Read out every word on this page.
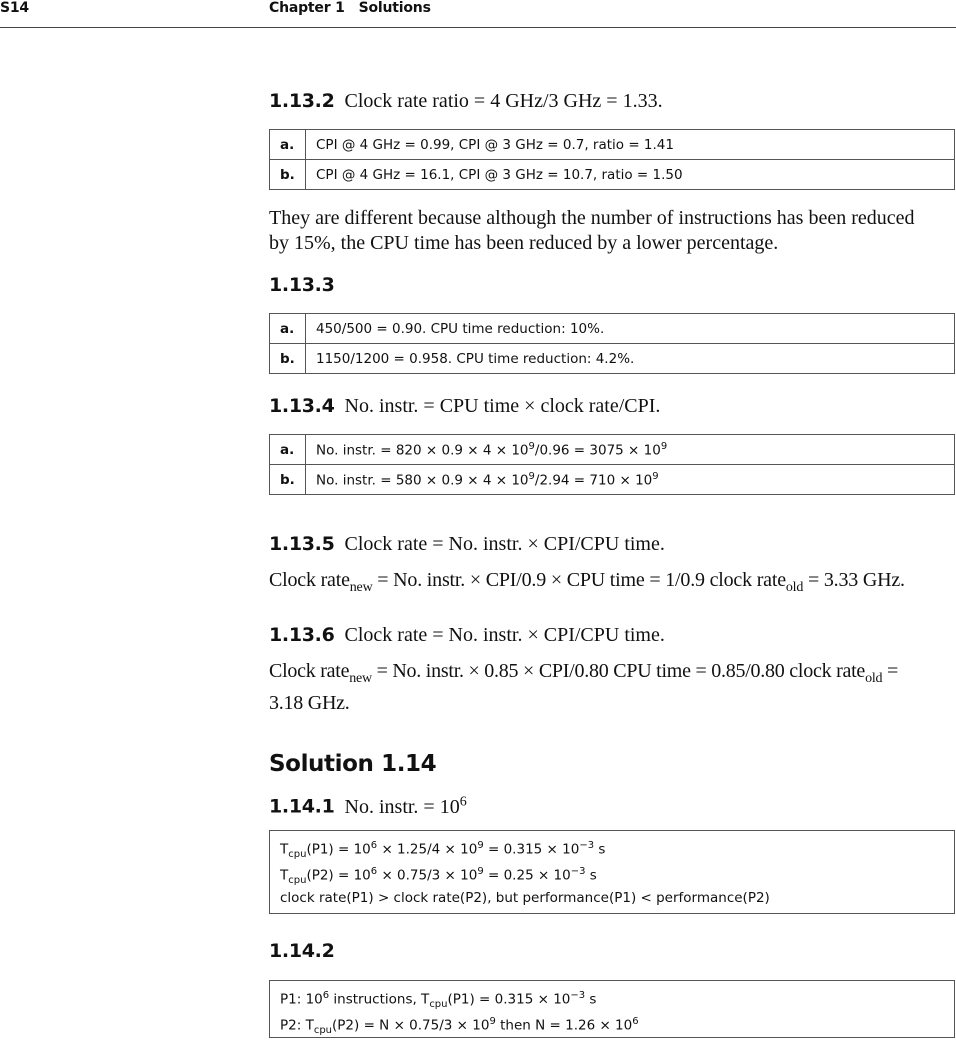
S14	Chapter 1 Solutions
1.13.2 Clock rate ratio = 4 GHz/3 GHz = 1.33.
a.	CPI @ 4 GHz = 0.99, CPI @ 3 GHz = 0.7, ratio = 1.41
b.	CPI @ 4 GHz = 16.1, CPI @ 3 GHz = 10.7, ratio = 1.50
They are different because although the number of instructions has been reduced
by 15%, the CPU time has been reduced by a lower percentage.
1.13.3
a.	450/500 = 0.90. CPU time reduction: 10%.
b.	1150/1200 = 0.958. CPU time reduction: 4.2%.
1.13.4 No. instr. = CPU time × clock rate/CPI.
a.	No. instr. = $820 \times 0.9 \times 4 \times 10^9/0.96 = 3075 \times 10^9$
b.	No. instr. = $580 \times 0.9 \times 4 \times 10^9/2.94 = 710 \times 10^9$
1.13.5 Clock rate = No. instr. × CPI/CPU time.
Clock rate$_{new}$ = No. instr. × CPI/0.9 × CPU time = 1/0.9 clock rate$_{old}$ = 3.33 GHz.
1.13.6 Clock rate = No. instr. × CPI/CPU time.
Clock rate$_{new}$ = No. instr. × 0.85 × CPI/0.80 CPU time = 0.85/0.80 clock rate$_{old}$ =
3.18 GHz.
Solution 1.14
1.14.1 No. instr. = $10^6$
$T_{cpu}(P1) = 10^6 \times 1.25/4 \times 10^9 = 0.315 \times 10^{-3}$ s
$T_{cpu}(P2) = 10^6 \times 0.75/3 \times 10^9 = 0.25 \times 10^{-3}$ s
clock rate(P1) > clock rate(P2), but performance(P1) < performance(P2)
1.14.2
P1: $10^6$ instructions, $T_{cpu}(P1) = 0.315 \times 10^{-3}$ s
P2: $T_{cpu}(P2) = N \times 0.75/3 \times 10^9$ then $N = 1.26 \times 10^6$
